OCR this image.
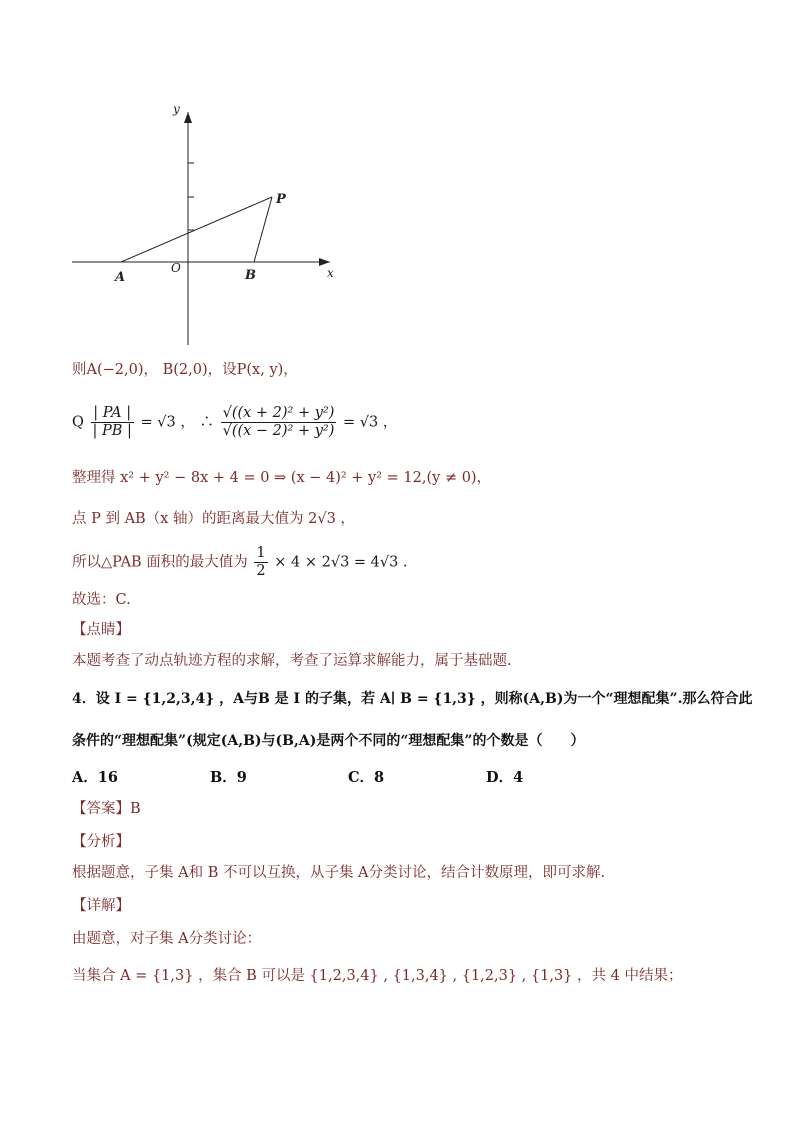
y
x
O
A	B
P
则A(−2,0)， B(2,0)，设P(x, y)，
Q $\frac{| PA |}{| PB |} = √3$ ， ∴ $\frac{\text{√((x + 2)² + y²)}}{\text{√((x − 2)² + y²)}} = √3$ ，
整理得 x² + y² − 8x + 4 = 0 ⇒ (x − 4)² + y² = 12,(y ≠ 0)，
点 P 到 AB（x 轴）的距离最大值为 2√3 ，
所以△PAB 面积的最大值为 $\frac{1}{2} \times 4 \times 2√3 = 4√3$ .
故选：C.
【点睛】
本题考查了动点轨迹方程的求解，考查了运算求解能力，属于基础题.
4．设 I = {1,2,3,4} ，A与B 是 I 的子集，若 A∣ B = {1,3} ，则称(A,B)为一个“理想配集”.那么符合此
条件的“理想配集”(规定(A,B)与(B,A)是两个不同的“理想配集”的个数是（　　）
A．16	B．9	C．8	D．4
【答案】B
【分析】
根据题意，子集 A和 B 不可以互换，从子集 A分类讨论，结合计数原理，即可求解.
【详解】
由题意，对子集 A分类讨论：
当集合 A = {1,3} ，集合 B 可以是 {1,2,3,4} , {1,3,4} , {1,2,3} , {1,3} ，共 4 中结果；
